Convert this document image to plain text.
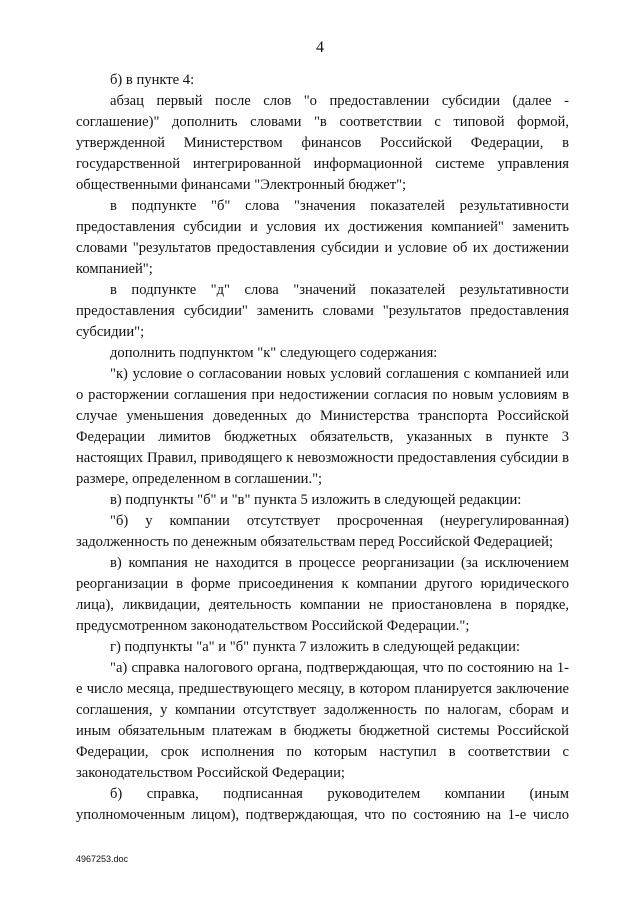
4

б) в пункте 4:

абзац первый после слов "о предоставлении субсидии (далее - соглашение)" дополнить словами "в соответствии с типовой формой, утвержденной Министерством финансов Российской Федерации, в государственной интегрированной информационной системе управления общественными финансами "Электронный бюджет";

в подпункте "б" слова "значения показателей результативности предоставления субсидии и условия их достижения компанией" заменить словами "результатов предоставления субсидии и условие об их достижении компанией";

в подпункте "д" слова "значений показателей результативности предоставления субсидии" заменить словами "результатов предоставления субсидии";

дополнить подпунктом "к" следующего содержания:

"к) условие о согласовании новых условий соглашения с компанией или о расторжении соглашения при недостижении согласия по новым условиям в случае уменьшения доведенных до Министерства транспорта Российской Федерации лимитов бюджетных обязательств, указанных в пункте 3 настоящих Правил, приводящего к невозможности предоставления субсидии в размере, определенном в соглашении.";

в) подпункты "б" и "в" пункта 5 изложить в следующей редакции:

"б) у компании отсутствует просроченная (неурегулированная) задолженность по денежным обязательствам перед Российской Федерацией;

в) компания не находится в процессе реорганизации (за исключением реорганизации в форме присоединения к компании другого юридического лица), ликвидации, деятельность компании не приостановлена в порядке, предусмотренном законодательством Российской Федерации.";

г) подпункты "а" и "б" пункта 7 изложить в следующей редакции:

"а) справка налогового органа, подтверждающая, что по состоянию на 1-е число месяца, предшествующего месяцу, в котором планируется заключение соглашения, у компании отсутствует задолженность по налогам, сборам и иным обязательным платежам в бюджеты бюджетной системы Российской Федерации, срок исполнения по которым наступил в соответствии с законодательством Российской Федерации;

б) справка, подписанная руководителем компании (иным уполномоченным лицом), подтверждающая, что по состоянию на 1-е число

4967253.doc
